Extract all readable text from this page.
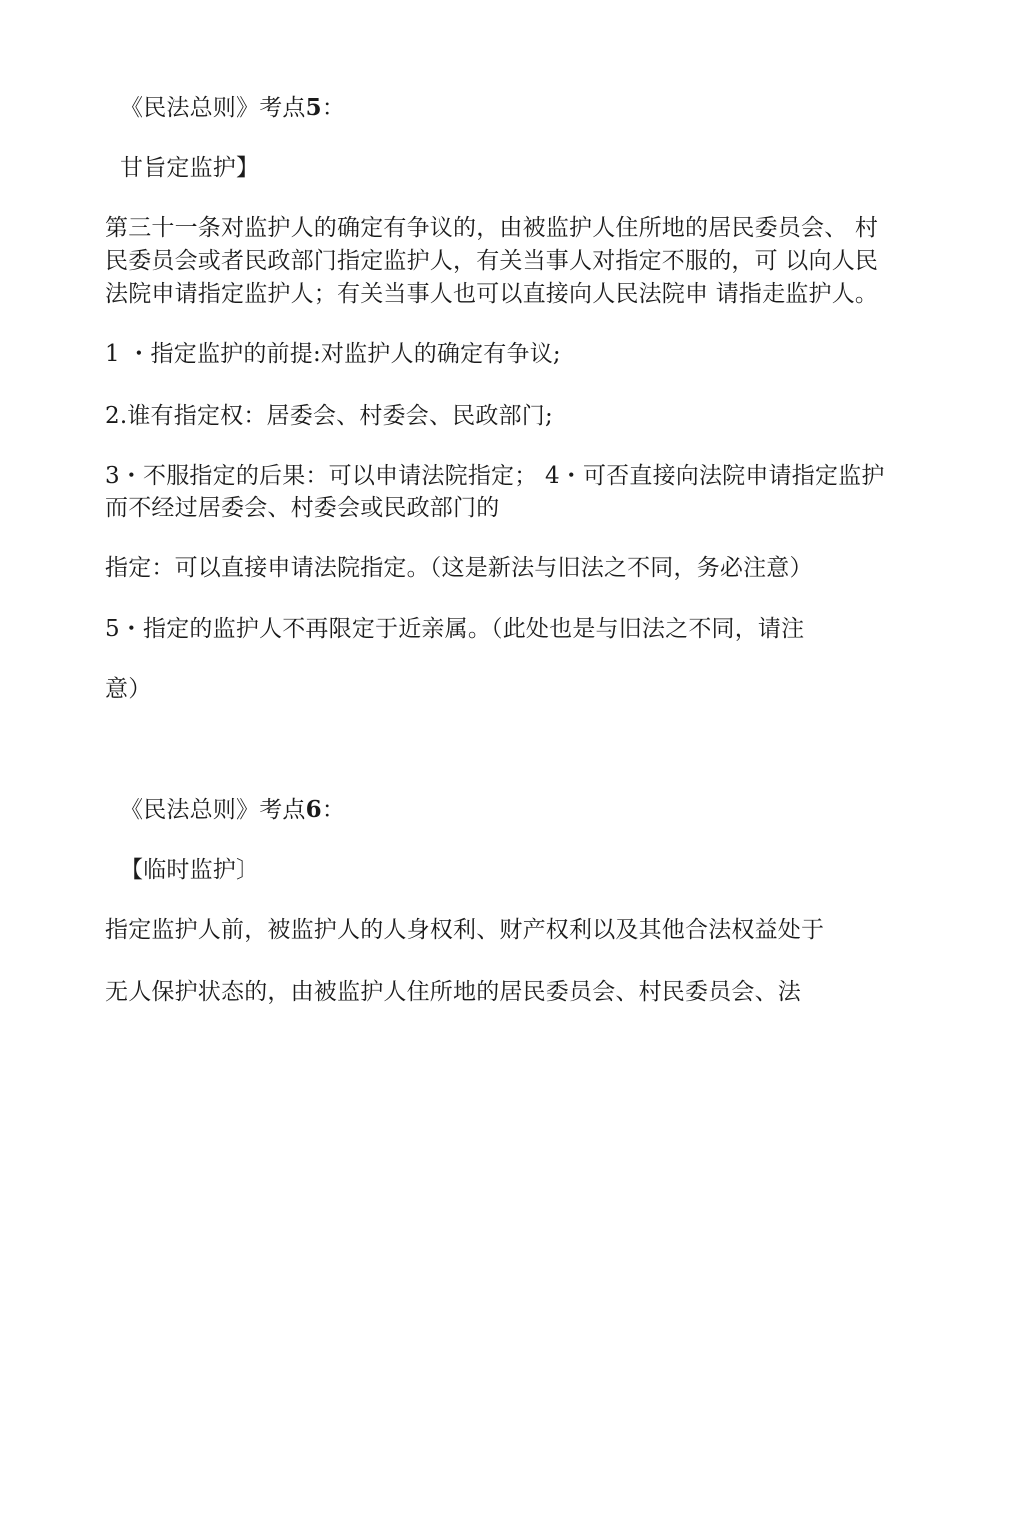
《民法总则》考点5：
甘旨定监护】
第三十一条对监护人的确定有争议的，由被监护人住所地的居民委员会、 村
民委员会或者民政部门指定监护人，有关当事人对指定不服的，可 以向人民
法院申请指定监护人；有关当事人也可以直接向人民法院申 请指走监护人。
1 ・指定监护的前提:对监护人的确定有争议;
2.谁有指定权：居委会、村委会、民政部门;
3・不服指定的后果：可以申请法院指定； 4・可否直接向法院申请指定监护
而不经过居委会、村委会或民政部门的
指定：可以直接申请法院指定。（这是新法与旧法之不同，务必注意）
5・指定的监护人不再限定于近亲属。（此处也是与旧法之不同，请注
意）
《民法总则》考点6：
【临时监护〕
指定监护人前，被监护人的人身权利、财产权利以及其他合法权益处于
无人保护状态的，由被监护人住所地的居民委员会、村民委员会、法
